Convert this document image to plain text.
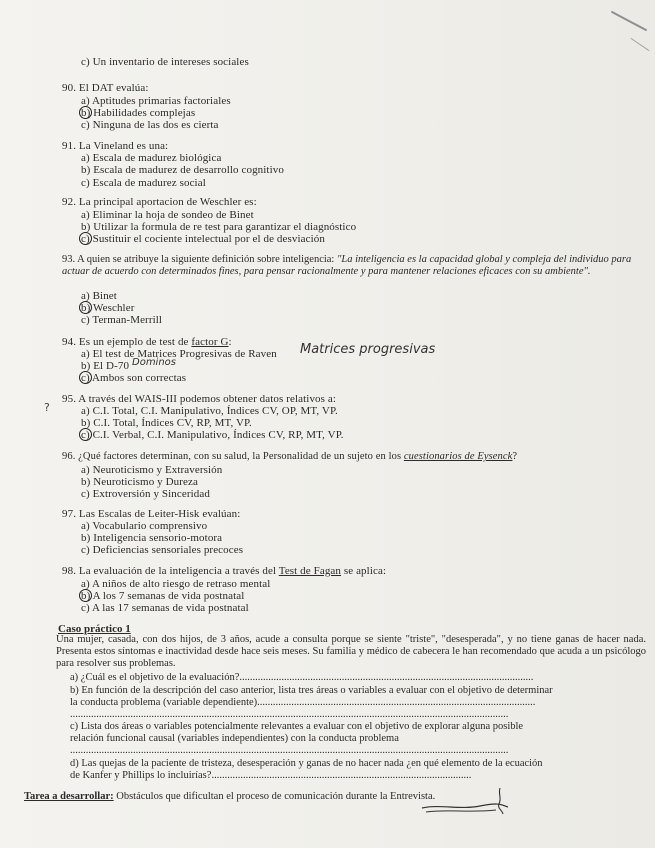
c) Un inventario de intereses sociales
90. El DAT evalúa:
a) Aptitudes primarias factoriales
b) Habilidades complejas
c) Ninguna de las dos es cierta
91. La Vineland es una:
a) Escala de madurez biológica
b) Escala de madurez de desarrollo cognitivo
c) Escala de madurez social
92. La principal aportacion de Weschler es:
a) Eliminar la hoja de sondeo de Binet
b) Utilizar la formula de re test para garantizar el diagnóstico
c) Sustituir el cociente intelectual por el de desviación
93. A quien se atribuye la siguiente definición sobre inteligencia: "La inteligencia es la capacidad global y compleja del individuo para actuar de acuerdo con determinados fines, para pensar racionalmente y para mantener relaciones eficaces con su ambiente".
a) Binet
b) Weschler
c) Terman-Merrill
94. Es un ejemplo de test de factor G:
a) El test de Matrices Progresivas de Raven
b) El D-70
c) Ambos son correctas
Matrices progresivas
Dominos
?
95. A través del WAIS-III podemos obtener datos relativos a:
a) C.I. Total, C.I. Manipulativo, Índices CV, OP, MT, VP.
b) C.I. Total, Índices CV, RP, MT, VP.
c) C.I. Verbal, C.I. Manipulativo, Índices CV, RP, MT, VP.
96. ¿Qué factores determinan, con su salud, la Personalidad de un sujeto en los cuestionarios de Eysenck?
a) Neuroticismo y Extraversión
b) Neuroticismo y Dureza
c) Extroversión y Sinceridad
97. Las Escalas de Leiter-Hisk evalúan:
a) Vocabulario comprensivo
b) Inteligencia sensorio-motora
c) Deficiencias sensoriales precoces
98. La evaluación de la inteligencia a través del Test de Fagan se aplica:
a) A niños de alto riesgo de retraso mental
b) A los 7 semanas de vida postnatal
c) A las 17 semanas de vida postnatal
Caso práctico 1
Una mujer, casada, con dos hijos, de 3 años, acude a consulta porque se siente "triste", "desesperada", y no tiene ganas de hacer nada. Presenta estos síntomas e inactividad desde hace seis meses. Su familia y médico de cabecera le han recomendado que acuda a un psicólogo para resolver sus problemas.
a) ¿Cuál es el objetivo de la evaluación?................................................................................................................
b) En función de la descripción del caso anterior, lista tres áreas o variables a evaluar con el objetivo de determinar
la conducta problema (variable dependiente)..........................................................................................................
.......................................................................................................................................................................
c) Lista dos áreas o variables potencialmente relevantes a evaluar con el objetivo de explorar alguna posible
relación funcional causal (variables independientes) con la conducta problema
.......................................................................................................................................................................
d) Las quejas de la paciente de tristeza, desesperación y ganas de no hacer nada ¿en qué elemento de la ecuación
de Kanfer y Phillips lo incluirías?...................................................................................................
Tarea a desarrollar: Obstáculos que dificultan el proceso de comunicación durante la Entrevista.
